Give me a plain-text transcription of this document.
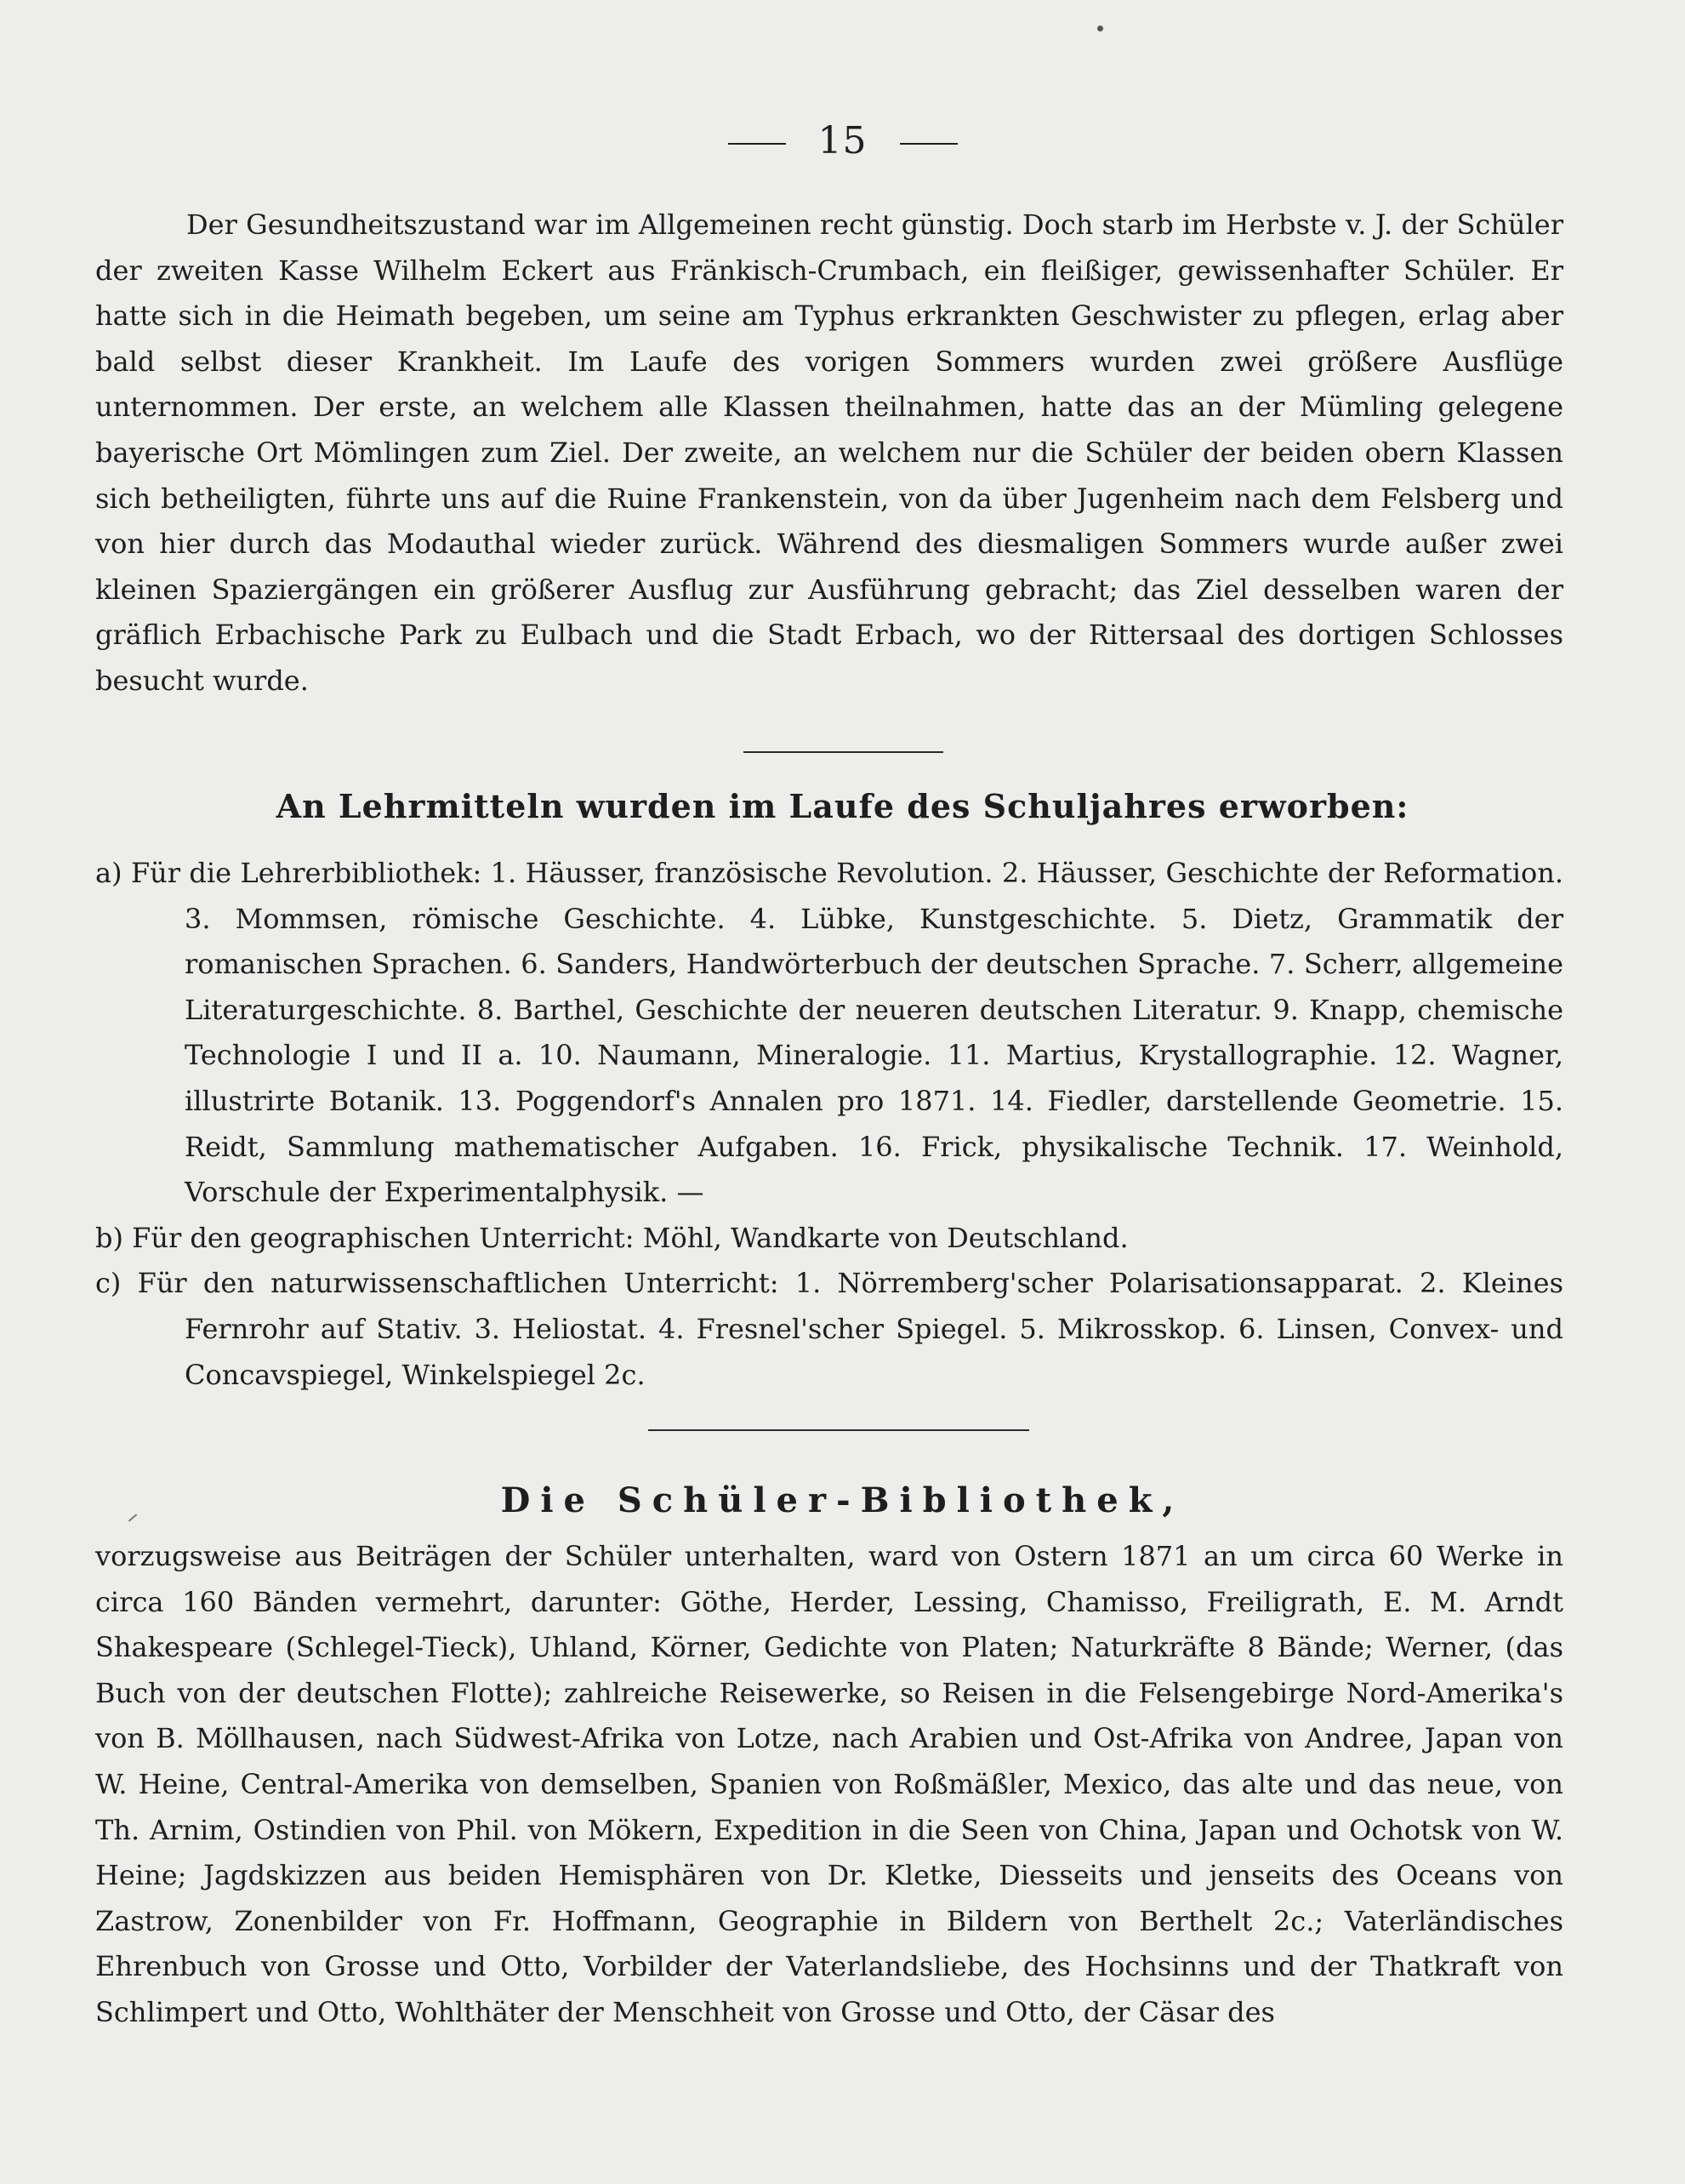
15

Der Gesundheitszustand war im Allgemeinen recht günstig. Doch starb im Herbste v. J. der Schüler der zweiten Kasse Wilhelm Eckert aus Fränkisch-Crumbach, ein fleißiger, gewissenhafter Schüler. Er hatte sich in die Heimath begeben, um seine am Typhus erkrankten Geschwister zu pflegen, erlag aber bald selbst dieser Krankheit. Im Laufe des vorigen Sommers wurden zwei größere Ausflüge unternommen. Der erste, an welchem alle Klassen theilnahmen, hatte das an der Mümling gelegene bayerische Ort Mömlingen zum Ziel. Der zweite, an welchem nur die Schüler der beiden obern Klassen sich betheiligten, führte uns auf die Ruine Frankenstein, von da über Jugenheim nach dem Felsberg und von hier durch das Modauthal wieder zurück. Während des diesmaligen Sommers wurde außer zwei kleinen Spaziergängen ein größerer Ausflug zur Ausführung gebracht; das Ziel desselben waren der gräflich Erbachische Park zu Eulbach und die Stadt Erbach, wo der Rittersaal des dortigen Schlosses besucht wurde.

An Lehrmitteln wurden im Laufe des Schuljahres erworben:

a) Für die Lehrerbibliothek: 1. Häusser, französische Revolution. 2. Häusser, Geschichte der Reformation. 3. Mommsen, römische Geschichte. 4. Lübke, Kunstgeschichte. 5. Dietz, Grammatik der romanischen Sprachen. 6. Sanders, Handwörterbuch der deutschen Sprache. 7. Scherr, allgemeine Literaturgeschichte. 8. Barthel, Geschichte der neueren deutschen Literatur. 9. Knapp, chemische Technologie I und II a. 10. Naumann, Mineralogie. 11. Martius, Krystallographie. 12. Wagner, illustrirte Botanik. 13. Poggendorf's Annalen pro 1871. 14. Fiedler, darstellende Geometrie. 15. Reidt, Sammlung mathematischer Aufgaben. 16. Frick, physikalische Technik. 17. Weinhold, Vorschule der Experimentalphysik. —

b) Für den geographischen Unterricht: Möhl, Wandkarte von Deutschland.

c) Für den naturwissenschaftlichen Unterricht: 1. Nörremberg'scher Polarisationsapparat. 2. Kleines Fernrohr auf Stativ. 3. Heliostat. 4. Fresnel'scher Spiegel. 5. Mikrosskop. 6. Linsen, Convex- und Concavspiegel, Winkelspiegel 2c.

Die Schüler-Bibliothek,

vorzugsweise aus Beiträgen der Schüler unterhalten, ward von Ostern 1871 an um circa 60 Werke in circa 160 Bänden vermehrt, darunter: Göthe, Herder, Lessing, Chamisso, Freiligrath, E. M. Arndt Shakespeare (Schlegel-Tieck), Uhland, Körner, Gedichte von Platen; Naturkräfte 8 Bände; Werner, (das Buch von der deutschen Flotte); zahlreiche Reisewerke, so Reisen in die Felsengebirge Nord-Amerika's von B. Möllhausen, nach Südwest-Afrika von Lotze, nach Arabien und Ost-Afrika von Andree, Japan von W. Heine, Central-Amerika von demselben, Spanien von Roßmäßler, Mexico, das alte und das neue, von Th. Arnim, Ostindien von Phil. von Mökern, Expedition in die Seen von China, Japan und Ochotsk von W. Heine; Jagdskizzen aus beiden Hemisphären von Dr. Kletke, Diesseits und jenseits des Oceans von Zastrow, Zonenbilder von Fr. Hoffmann, Geographie in Bildern von Berthelt 2c.; Vaterländisches Ehrenbuch von Grosse und Otto, Vorbilder der Vaterlandsliebe, des Hochsinns und der Thatkraft von Schlimpert und Otto, Wohlthäter der Menschheit von Grosse und Otto, der Cäsar des
